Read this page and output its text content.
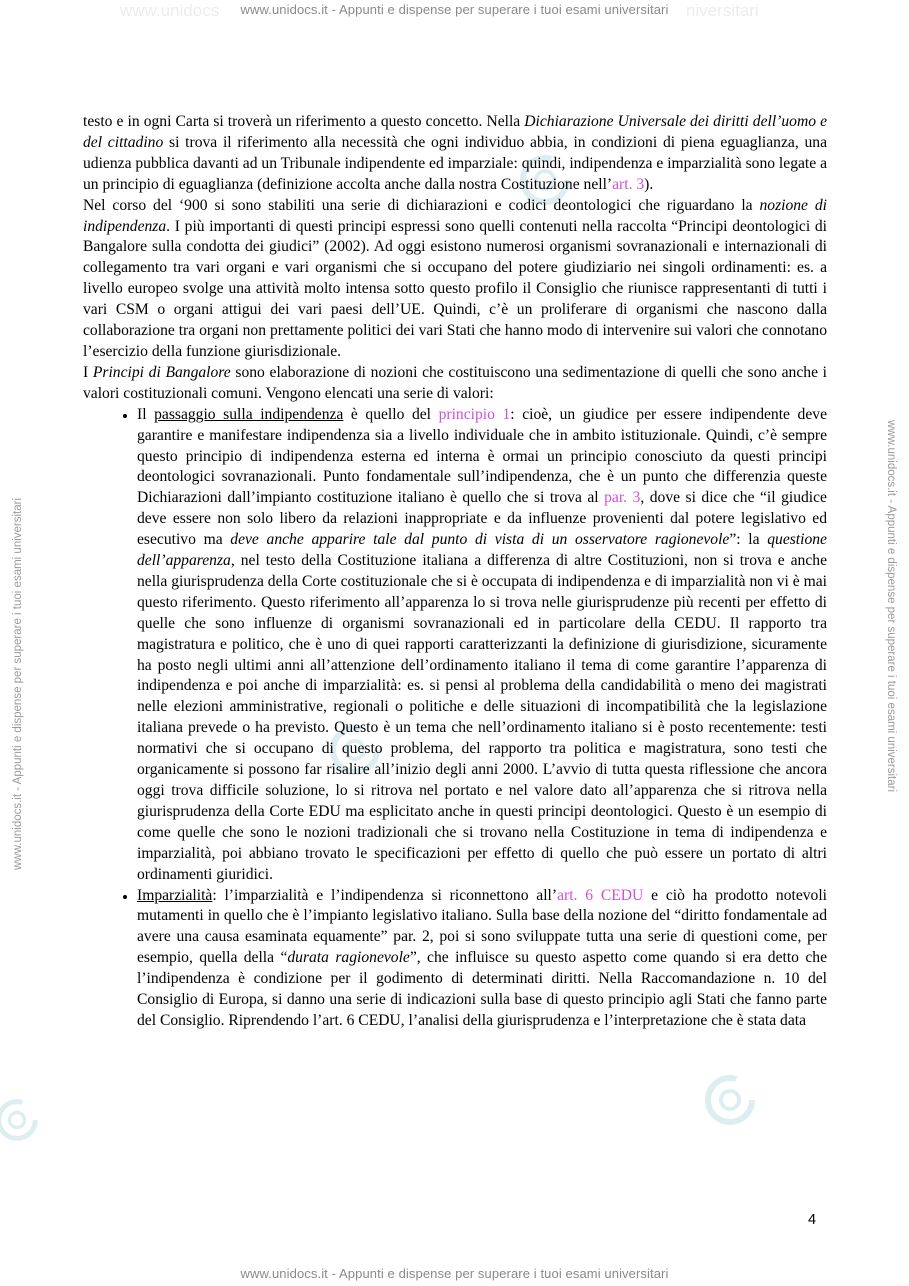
www.unidocs	niversitari
www.unidocs.it - Appunti e dispense per superare i tuoi esami universitari
www.unidocs.it - Appunti e dispense per superare i tuoi esami universitari	www.unidocs.it - Appunti e dispense per superare i tuoi esami universitari

testo e in ogni Carta si troverà un riferimento a questo concetto. Nella Dichiarazione Universale dei diritti dell’uomo e del cittadino si trova il riferimento alla necessità che ogni individuo abbia, in condizioni di piena eguaglianza, una udienza pubblica davanti ad un Tribunale indipendente ed imparziale: quindi, indipendenza e imparzialità sono legate a un principio di eguaglianza (definizione accolta anche dalla nostra Costituzione nell’art. 3).

Nel corso del ‘900 si sono stabiliti una serie di dichiarazioni e codici deontologici che riguardano la nozione di indipendenza. I più importanti di questi principi espressi sono quelli contenuti nella raccolta “Principi deontologici di Bangalore sulla condotta dei giudici” (2002). Ad oggi esistono numerosi organismi sovranazionali e internazionali di collegamento tra vari organi e vari organismi che si occupano del potere giudiziario nei singoli ordinamenti: es. a livello europeo svolge una attività molto intensa sotto questo profilo il Consiglio che riunisce rappresentanti di tutti i vari CSM o organi attigui dei vari paesi dell’UE. Quindi, c’è un proliferare di organismi che nascono dalla collaborazione tra organi non prettamente politici dei vari Stati che hanno modo di intervenire sui valori che connotano l’esercizio della funzione giurisdizionale.

I Principi di Bangalore sono elaborazione di nozioni che costituiscono una sedimentazione di quelli che sono anche i valori costituzionali comuni. Vengono elencati una serie di valori:

• Il passaggio sulla indipendenza è quello del principio 1: cioè, un giudice per essere indipendente deve garantire e manifestare indipendenza sia a livello individuale che in ambito istituzionale. Quindi, c’è sempre questo principio di indipendenza esterna ed interna è ormai un principio conosciuto da questi principi deontologici sovranazionali. Punto fondamentale sull’indipendenza, che è un punto che differenzia queste Dichiarazioni dall’impianto costituzione italiano è quello che si trova al par. 3, dove si dice che “il giudice deve essere non solo libero da relazioni inappropriate e da influenze provenienti dal potere legislativo ed esecutivo ma deve anche apparire tale dal punto di vista di un osservatore ragionevole”: la questione dell’apparenza, nel testo della Costituzione italiana a differenza di altre Costituzioni, non si trova e anche nella giurisprudenza della Corte costituzionale che si è occupata di indipendenza e di imparzialità non vi è mai questo riferimento. Questo riferimento all’apparenza lo si trova nelle giurisprudenze più recenti per effetto di quelle che sono influenze di organismi sovranazionali ed in particolare della CEDU. Il rapporto tra magistratura e politico, che è uno di quei rapporti caratterizzanti la definizione di giurisdizione, sicuramente ha posto negli ultimi anni all’attenzione dell’ordinamento italiano il tema di come garantire l’apparenza di indipendenza e poi anche di imparzialità: es. si pensi al problema della candidabilità o meno dei magistrati nelle elezioni amministrative, regionali o politiche e delle situazioni di incompatibilità che la legislazione italiana prevede o ha previsto. Questo è un tema che nell’ordinamento italiano si è posto recentemente: testi normativi che si occupano di questo problema, del rapporto tra politica e magistratura, sono testi che organicamente si possono far risalire all’inizio degli anni 2000. L’avvio di tutta questa riflessione che ancora oggi trova difficile soluzione, lo si ritrova nel portato e nel valore dato all’apparenza che si ritrova nella giurisprudenza della Corte EDU ma esplicitato anche in questi principi deontologici. Questo è un esempio di come quelle che sono le nozioni tradizionali che si trovano nella Costituzione in tema di indipendenza e imparzialità, poi abbiano trovato le specificazioni per effetto di quello che può essere un portato di altri ordinamenti giuridici.
• Imparzialità: l’imparzialità e l’indipendenza si riconnettono all’art. 6 CEDU e ciò ha prodotto notevoli mutamenti in quello che è l’impianto legislativo italiano. Sulla base della nozione del “diritto fondamentale ad avere una causa esaminata equamente” par. 2, poi si sono sviluppate tutta una serie di questioni come, per esempio, quella della “durata ragionevole”, che influisce su questo aspetto come quando si era detto che l’indipendenza è condizione per il godimento di determinati diritti. Nella Raccomandazione n. 10 del Consiglio di Europa, si danno una serie di indicazioni sulla base di questo principio agli Stati che fanno parte del Consiglio. Riprendendo l’art. 6 CEDU, l’analisi della giurisprudenza e l’interpretazione che è stata data
4
www.unidocs.it - Appunti e dispense per superare i tuoi esami universitari
